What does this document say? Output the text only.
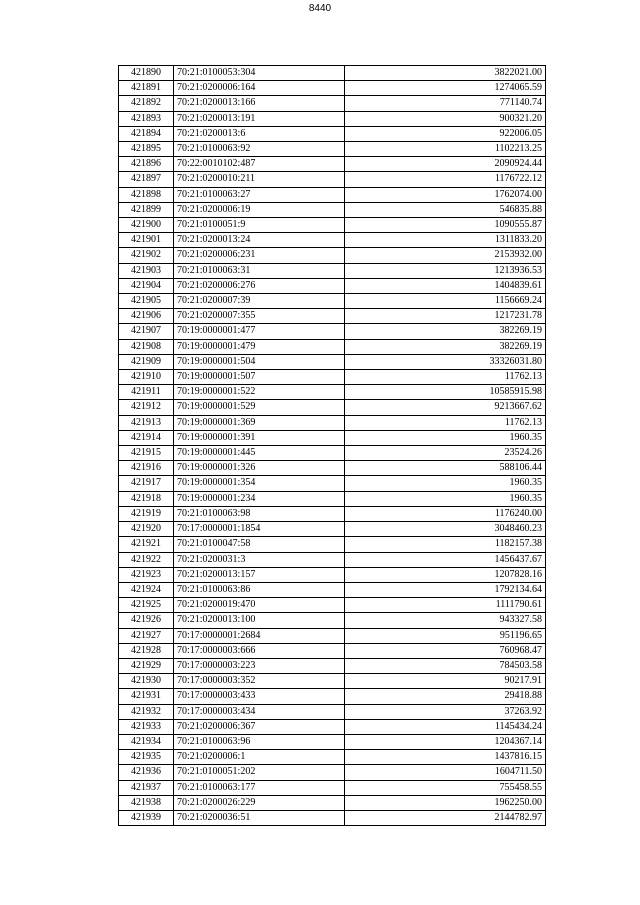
8440
421890	70:21:0100053:304	3822021.00
421891	70:21:0200006:164	1274065.59
421892	70:21:0200013:166	771140.74
421893	70:21:0200013:191	900321.20
421894	70:21:0200013:6	922006.05
421895	70:21:0100063:92	1102213.25
421896	70:22:0010102:487	2090924.44
421897	70:21:0200010:211	1176722.12
421898	70:21:0100063:27	1762074.00
421899	70:21:0200006:19	546835.88
421900	70:21:0100051:9	1090555.87
421901	70:21:0200013:24	1311833.20
421902	70:21:0200006:231	2153932.00
421903	70:21:0100063:31	1213936.53
421904	70:21:0200006:276	1404839.61
421905	70:21:0200007:39	1156669.24
421906	70:21:0200007:355	1217231.78
421907	70:19:0000001:477	382269.19
421908	70:19:0000001:479	382269.19
421909	70:19:0000001:504	33326031.80
421910	70:19:0000001:507	11762.13
421911	70:19:0000001:522	10585915.98
421912	70:19:0000001:529	9213667.62
421913	70:19:0000001:369	11762.13
421914	70:19:0000001:391	1960.35
421915	70:19:0000001:445	23524.26
421916	70:19:0000001:326	588106.44
421917	70:19:0000001:354	1960.35
421918	70:19:0000001:234	1960.35
421919	70:21:0100063:98	1176240.00
421920	70:17:0000001:1854	3048460.23
421921	70:21:0100047:58	1182157.38
421922	70:21:0200031:3	1456437.67
421923	70:21:0200013:157	1207828.16
421924	70:21:0100063:86	1792134.64
421925	70:21:0200019:470	1111790.61
421926	70:21:0200013:100	943327.58
421927	70:17:0000001:2684	951196.65
421928	70:17:0000003:666	760968.47
421929	70:17:0000003:223	784503.58
421930	70:17:0000003:352	90217.91
421931	70:17:0000003:433	29418.88
421932	70:17:0000003:434	37263.92
421933	70:21:0200006:367	1145434.24
421934	70:21:0100063:96	1204367.14
421935	70:21:0200006:1	1437816.15
421936	70:21:0100051:202	1604711.50
421937	70:21:0100063:177	755458.55
421938	70:21:0200026:229	1962250.00
421939	70:21:0200036:51	2144782.97
